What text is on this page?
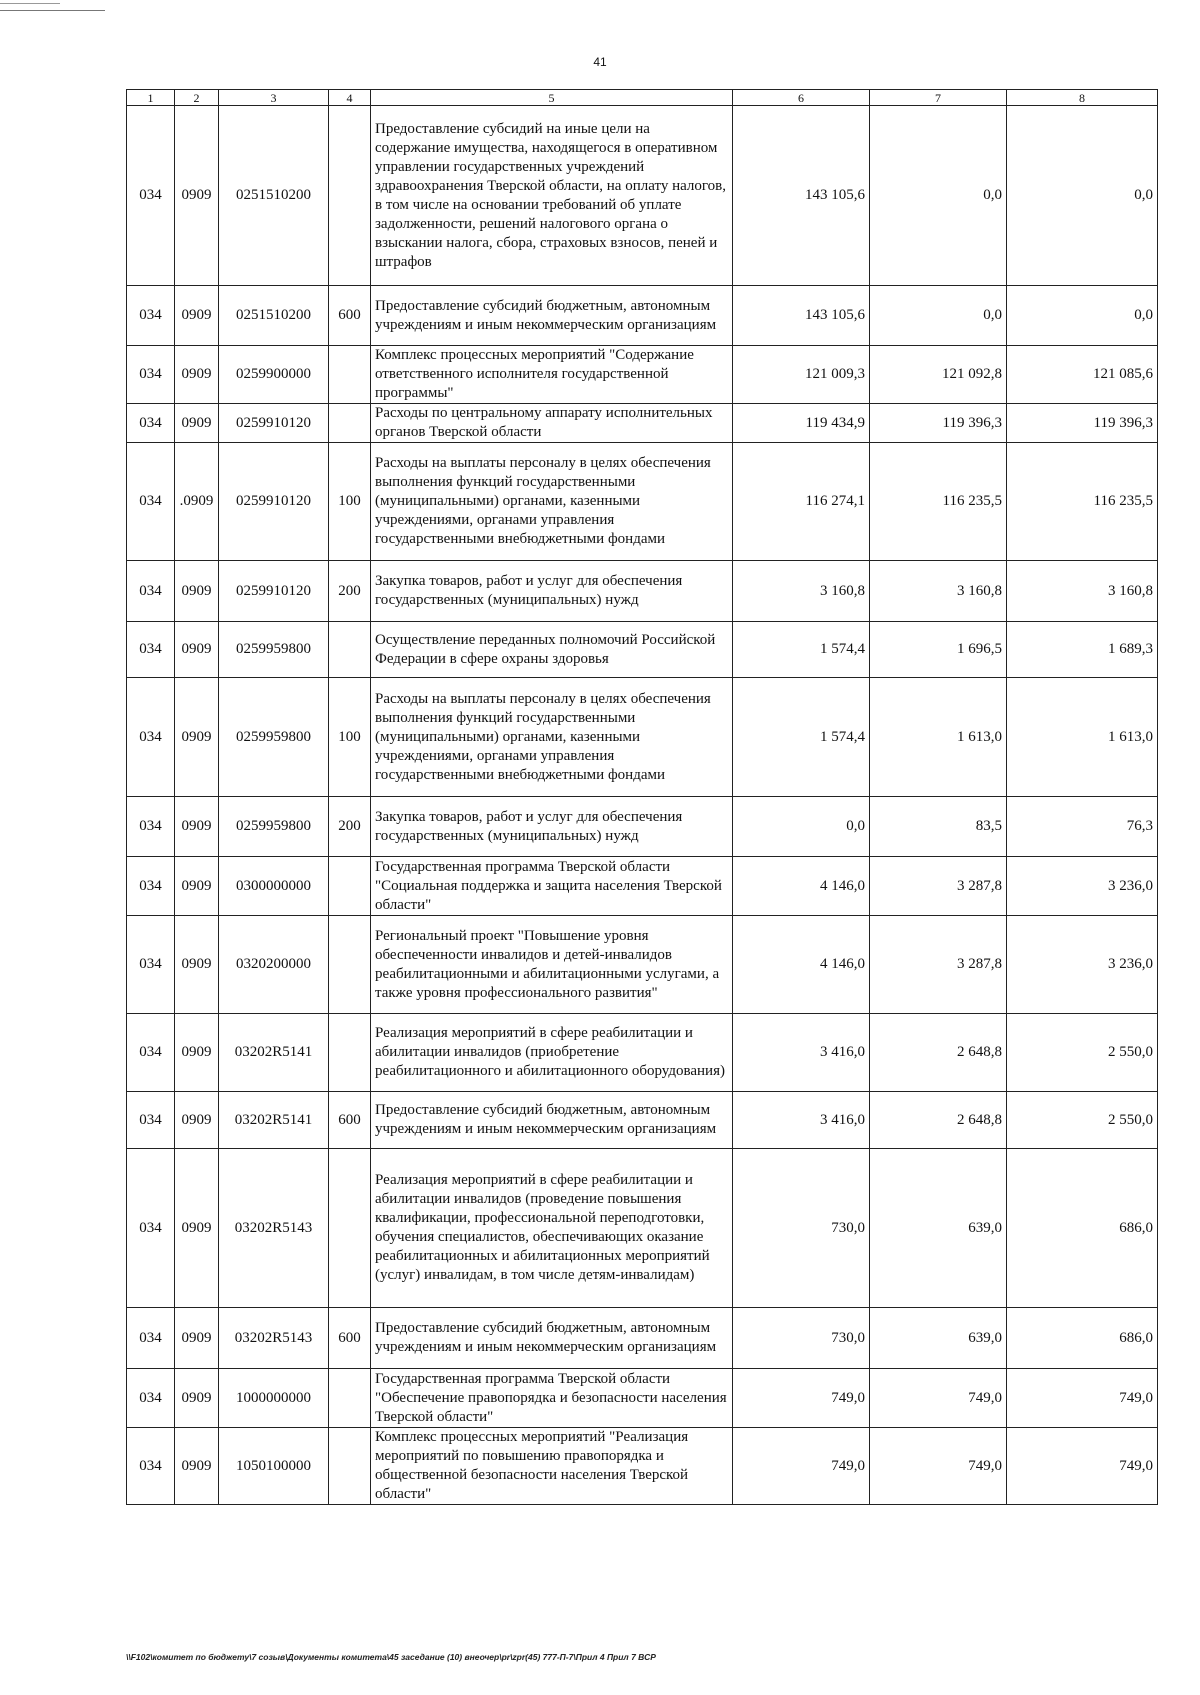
41
1	2	3	4	5	6	7	8
034	0909	0251510200		Предоставление субсидий на иные цели на содержание имущества, находящегося в оперативном управлении государственных учреждений здравоохранения Тверской области, на оплату налогов, в том числе на основании требований об уплате задолженности, решений налогового органа о взыскании налога, сбора, страховых взносов, пеней и штрафов	143 105,6	0,0	0,0
034	0909	0251510200	600	Предоставление субсидий бюджетным, автономным учреждениям и иным некоммерческим организациям	143 105,6	0,0	0,0
034	0909	0259900000		Комплекс процессных мероприятий "Содержание ответственного исполнителя государственной программы"	121 009,3	121 092,8	121 085,6
034	0909	0259910120		Расходы по центральному аппарату исполнительных органов Тверской области	119 434,9	119 396,3	119 396,3
034	.0909	0259910120	100	Расходы на выплаты персоналу в целях обеспечения выполнения функций государственными (муниципальными) органами, казенными учреждениями, органами управления государственными внебюджетными фондами	116 274,1	116 235,5	116 235,5
034	0909	0259910120	200	Закупка товаров, работ и услуг для обеспечения государственных (муниципальных) нужд	3 160,8	3 160,8	3 160,8
034	0909	0259959800		Осуществление переданных полномочий Российской Федерации в сфере охраны здоровья	1 574,4	1 696,5	1 689,3
034	0909	0259959800	100	Расходы на выплаты персоналу в целях обеспечения выполнения функций государственными (муниципальными) органами, казенными учреждениями, органами управления государственными внебюджетными фондами	1 574,4	1 613,0	1 613,0
034	0909	0259959800	200	Закупка товаров, работ и услуг для обеспечения государственных (муниципальных) нужд	0,0	83,5	76,3
034	0909	0300000000		Государственная программа Тверской области "Социальная поддержка и защита населения Тверской области"	4 146,0	3 287,8	3 236,0
034	0909	0320200000		Региональный проект "Повышение уровня обеспеченности инвалидов и детей-инвалидов реабилитационными и абилитационными услугами, а также уровня профессионального развития"	4 146,0	3 287,8	3 236,0
034	0909	03202R5141		Реализация мероприятий в сфере реабилитации и абилитации инвалидов (приобретение реабилитационного и абилитационного оборудования)	3 416,0	2 648,8	2 550,0
034	0909	03202R5141	600	Предоставление субсидий бюджетным, автономным учреждениям и иным некоммерческим организациям	3 416,0	2 648,8	2 550,0
034	0909	03202R5143		Реализация мероприятий в сфере реабилитации и абилитации инвалидов (проведение повышения квалификации, профессиональной переподготовки, обучения специалистов, обеспечивающих оказание реабилитационных и абилитационных мероприятий (услуг) инвалидам, в том числе детям-инвалидам)	730,0	639,0	686,0
034	0909	03202R5143	600	Предоставление субсидий бюджетным, автономным учреждениям и иным некоммерческим организациям	730,0	639,0	686,0
034	0909	1000000000		Государственная программа Тверской области "Обеспечение правопорядка и безопасности населения Тверской области"	749,0	749,0	749,0
034	0909	1050100000		Комплекс процессных мероприятий "Реализация мероприятий по повышению правопорядка и общественной безопасности населения Тверской области"	749,0	749,0	749,0
\\F102\комитет по бюджету\7 созыв\Документы комитета\45 заседание (10) внеочер\pr\zpr(45) 777-П-7\Прил 4 Прил 7 ВСР
